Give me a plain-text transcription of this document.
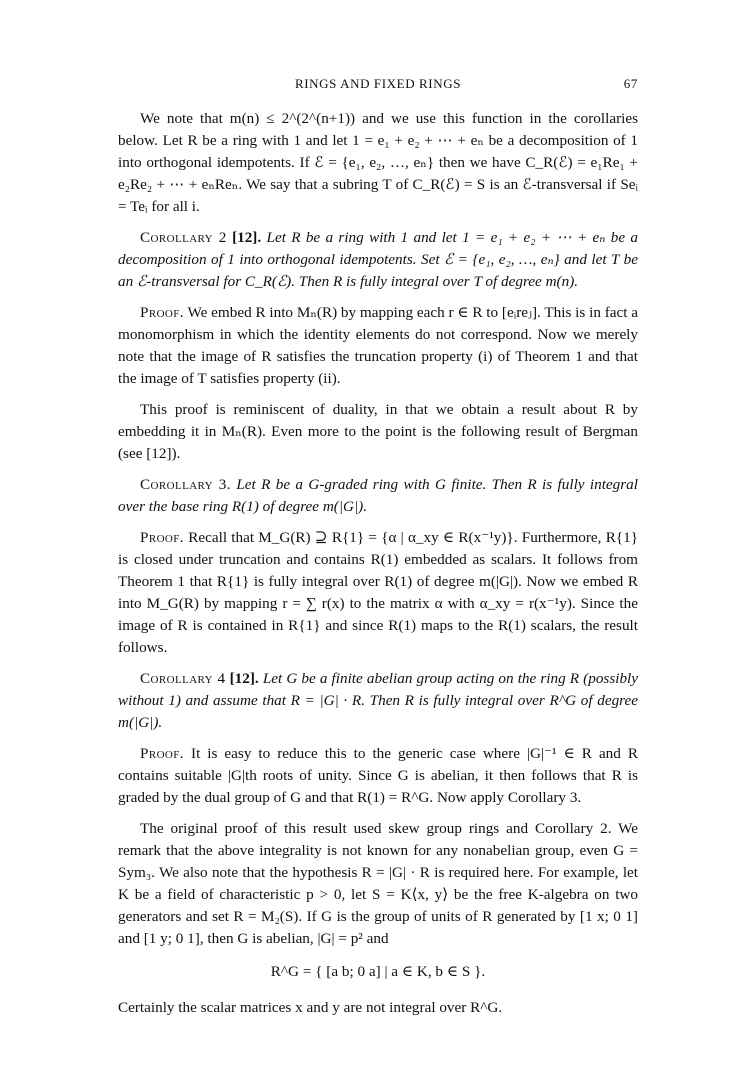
RINGS AND FIXED RINGS	67

We note that m(n) ≤ 2^(2^(n+1)) and we use this function in the corollaries below. Let R be a ring with 1 and let 1 = e₁ + e₂ + ⋯ + eₙ be a decomposition of 1 into orthogonal idempotents. If ℰ = {e₁, e₂, …, eₙ} then we have C_R(ℰ) = e₁Re₁ + e₂Re₂ + ⋯ + eₙReₙ. We say that a subring T of C_R(ℰ) = S is an ℰ-transversal if Seᵢ = Teᵢ for all i.

Corollary 2 [12]. Let R be a ring with 1 and let 1 = e₁ + e₂ + ⋯ + eₙ be a decomposition of 1 into orthogonal idempotents. Set ℰ = {e₁, e₂, …, eₙ} and let T be an ℰ-transversal for C_R(ℰ). Then R is fully integral over T of degree m(n).

Proof. We embed R into Mₙ(R) by mapping each r ∈ R to [eᵢreⱼ]. This is in fact a monomorphism in which the identity elements do not correspond. Now we merely note that the image of R satisfies the truncation property (i) of Theorem 1 and that the image of T satisfies property (ii).

This proof is reminiscent of duality, in that we obtain a result about R by embedding it in Mₙ(R). Even more to the point is the following result of Bergman (see [12]).

Corollary 3. Let R be a G-graded ring with G finite. Then R is fully integral over the base ring R(1) of degree m(|G|).

Proof. Recall that M_G(R) ⊇ R{1} = {α | α_xy ∈ R(x⁻¹y)}. Furthermore, R{1} is closed under truncation and contains R(1) embedded as scalars. It follows from Theorem 1 that R{1} is fully integral over R(1) of degree m(|G|). Now we embed R into M_G(R) by mapping r = ∑ r(x) to the matrix α with α_xy = r(x⁻¹y). Since the image of R is contained in R{1} and since R(1) maps to the R(1) scalars, the result follows.

Corollary 4 [12]. Let G be a finite abelian group acting on the ring R (possibly without 1) and assume that R = |G| · R. Then R is fully integral over R^G of degree m(|G|).

Proof. It is easy to reduce this to the generic case where |G|⁻¹ ∈ R and R contains suitable |G|th roots of unity. Since G is abelian, it then follows that R is graded by the dual group of G and that R(1) = R^G. Now apply Corollary 3.

The original proof of this result used skew group rings and Corollary 2. We remark that the above integrality is not known for any nonabelian group, even G = Sym₃. We also note that the hypothesis R = |G| · R is required here. For example, let K be a field of characteristic p > 0, let S = K⟨x, y⟩ be the free K-algebra on two generators and set R = M₂(S). If G is the group of units of R generated by [1 x; 0 1] and [1 y; 0 1], then G is abelian, |G| = p² and

R^G = { [a b; 0 a] | a ∈ K, b ∈ S }.

Certainly the scalar matrices x and y are not integral over R^G.
